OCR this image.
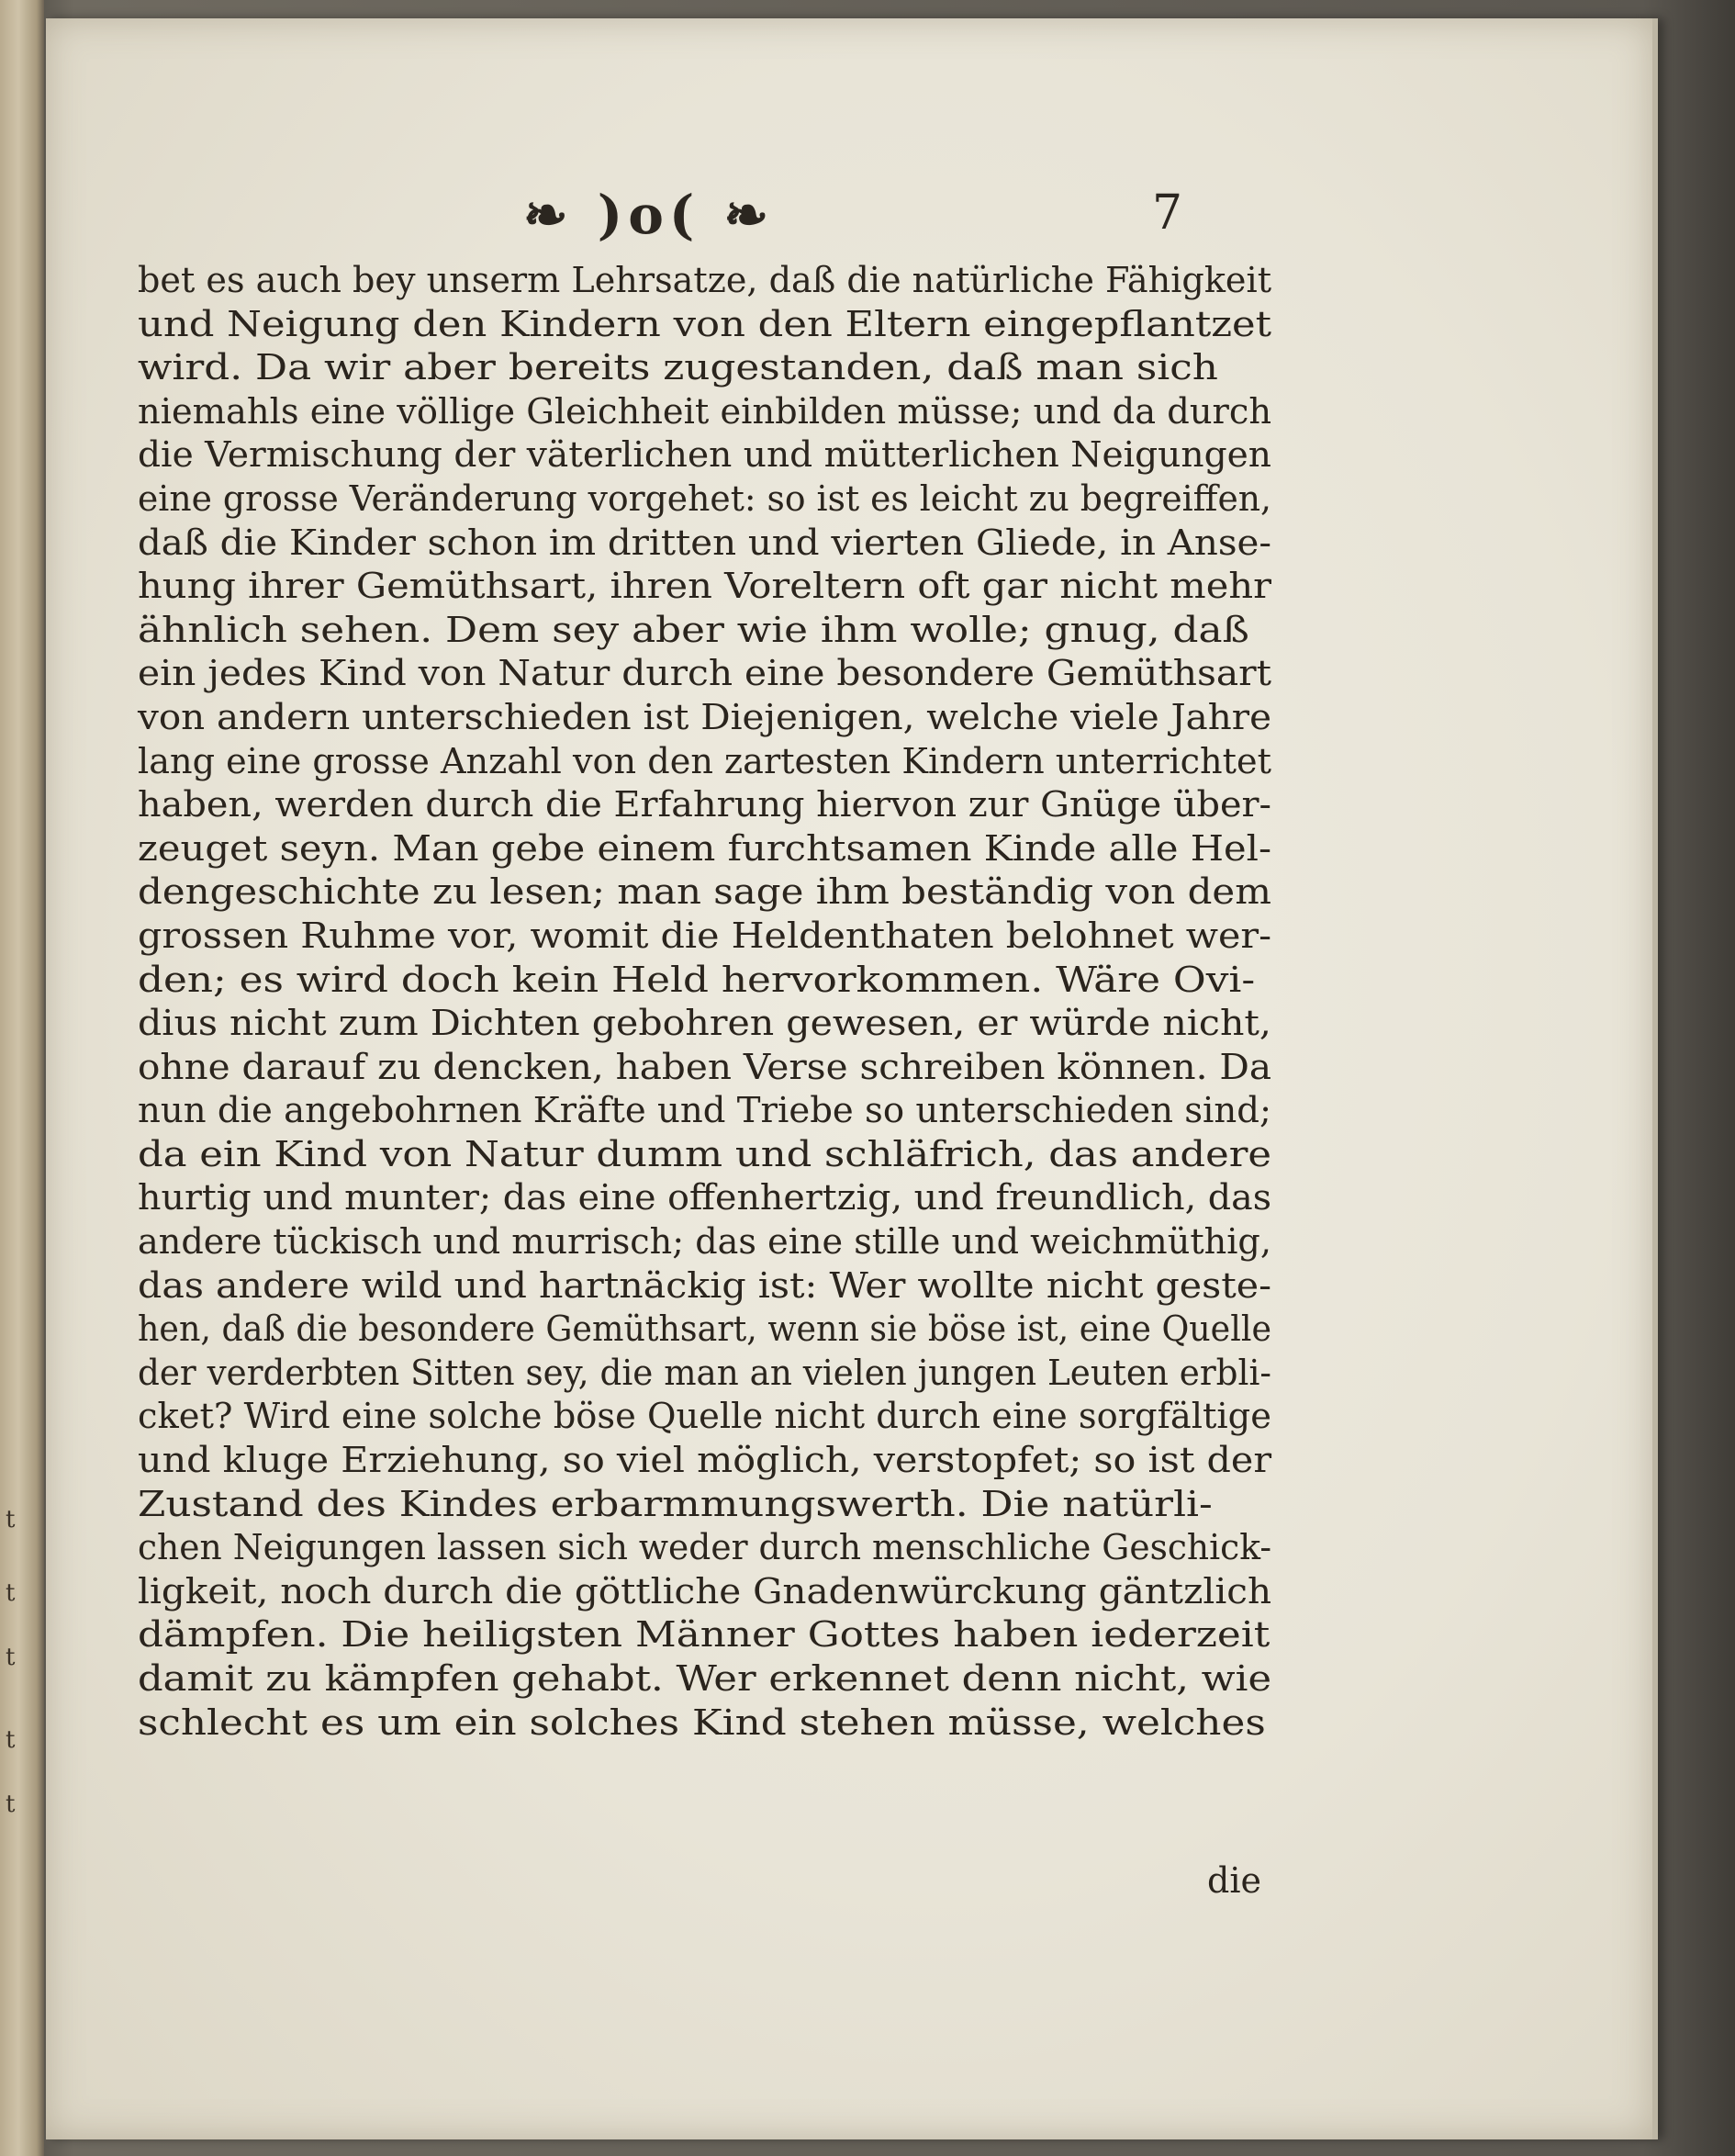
t
t
t
t
t
❧ )o( ❧	7
bet es auch bey unserm Lehrsatze, daß die natürliche Fähigkeit
und Neigung den Kindern von den Eltern eingepflantzet
wird. Da wir aber bereits zugestanden, daß man sich
niemahls eine völlige Gleichheit einbilden müsse; und da durch
die Vermischung der väterlichen und mütterlichen Neigungen
eine grosse Veränderung vorgehet: so ist es leicht zu begreiffen,
daß die Kinder schon im dritten und vierten Gliede, in Anse-
hung ihrer Gemüthsart, ihren Voreltern oft gar nicht mehr
ähnlich sehen. Dem sey aber wie ihm wolle; gnug, daß
ein jedes Kind von Natur durch eine besondere Gemüthsart
von andern unterschieden ist Diejenigen, welche viele Jahre
lang eine grosse Anzahl von den zartesten Kindern unterrichtet
haben, werden durch die Erfahrung hiervon zur Gnüge über-
zeuget seyn. Man gebe einem furchtsamen Kinde alle Hel-
dengeschichte zu lesen; man sage ihm beständig von dem
grossen Ruhme vor, womit die Heldenthaten belohnet wer-
den; es wird doch kein Held hervorkommen. Wäre Ovi-
dius nicht zum Dichten gebohren gewesen, er würde nicht,
ohne darauf zu dencken, haben Verse schreiben können. Da
nun die angebohrnen Kräfte und Triebe so unterschieden sind;
da ein Kind von Natur dumm und schläfrich, das andere
hurtig und munter; das eine offenhertzig, und freundlich, das
andere tückisch und murrisch; das eine stille und weichmüthig,
das andere wild und hartnäckig ist: Wer wollte nicht geste-
hen, daß die besondere Gemüthsart, wenn sie böse ist, eine Quelle
der verderbten Sitten sey, die man an vielen jungen Leuten erbli-
cket? Wird eine solche böse Quelle nicht durch eine sorgfältige
und kluge Erziehung, so viel möglich, verstopfet; so ist der
Zustand des Kindes erbarmmungswerth. Die natürli-
chen Neigungen lassen sich weder durch menschliche Geschick-
ligkeit, noch durch die göttliche Gnadenwürckung gäntzlich
dämpfen. Die heiligsten Männer Gottes haben iederzeit
damit zu kämpfen gehabt. Wer erkennet denn nicht, wie
schlecht es um ein solches Kind stehen müsse, welches
die
